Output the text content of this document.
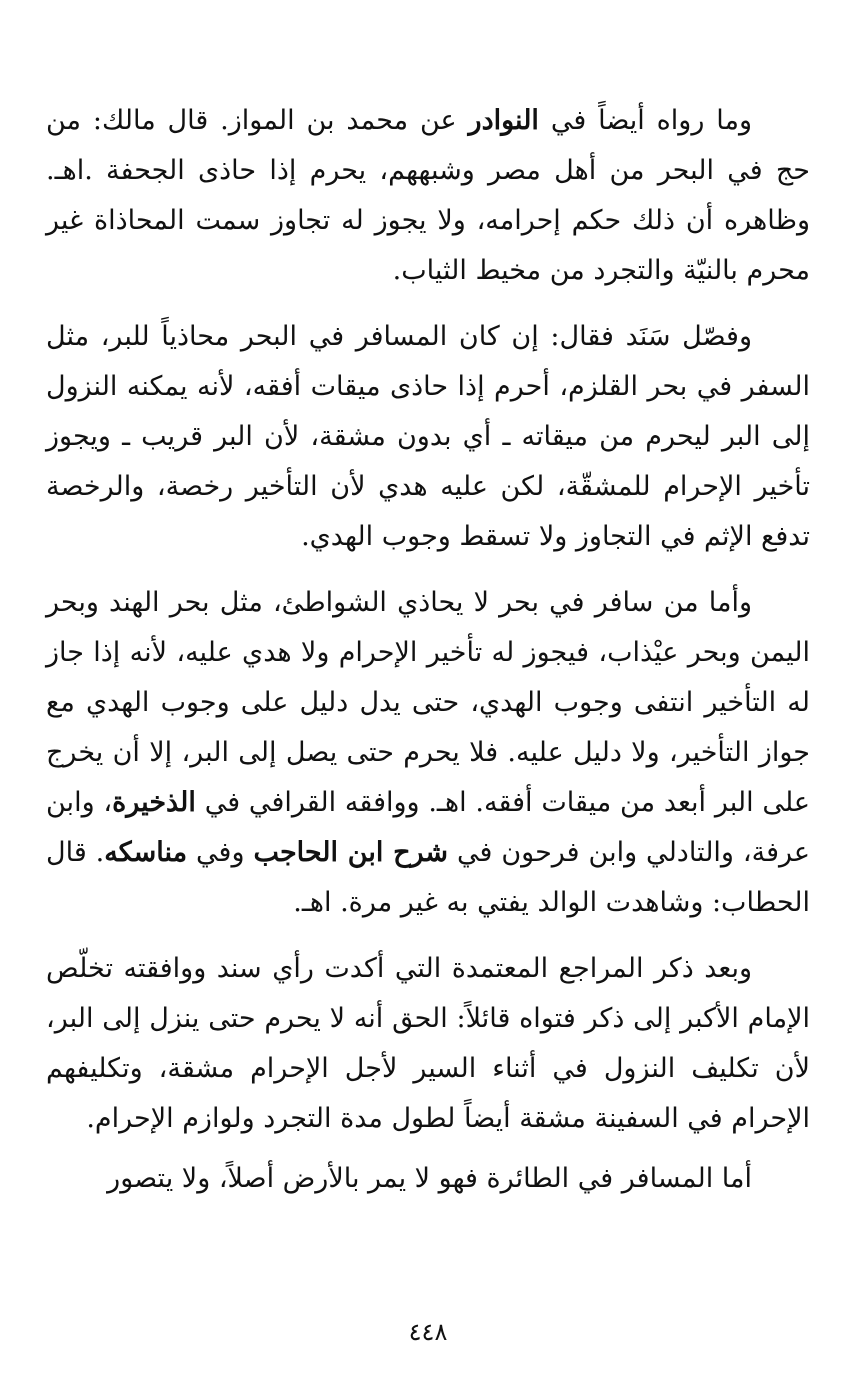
وما رواه أيضاً في النوادر عن محمد بن المواز. قال مالك: من حج في البحر من أهل مصر وشبههم، يحرم إذا حاذى الجحفة .اهـ. وظاهره أن ذلك حكم إحرامه، ولا يجوز له تجاوز سمت المحاذاة غير محرم بالنيّة والتجرد من مخيط الثياب.

وفصّل سَنَد فقال: إن كان المسافر في البحر محاذياً للبر، مثل السفر في بحر القلزم، أحرم إذا حاذى ميقات أفقه، لأنه يمكنه النزول إلى البر ليحرم من ميقاته ـ أي بدون مشقة، لأن البر قريب ـ ويجوز تأخير الإحرام للمشقّة، لكن عليه هدي لأن التأخير رخصة، والرخصة تدفع الإثم في التجاوز ولا تسقط وجوب الهدي.

وأما من سافر في بحر لا يحاذي الشواطئ، مثل بحر الهند وبحر اليمن وبحر عيْذاب، فيجوز له تأخير الإحرام ولا هدي عليه، لأنه إذا جاز له التأخير انتفى وجوب الهدي، حتى يدل دليل على وجوب الهدي مع جواز التأخير، ولا دليل عليه. فلا يحرم حتى يصل إلى البر، إلا أن يخرج على البر أبعد من ميقات أفقه. اهـ. ووافقه القرافي في الذخيرة، وابن عرفة، والتادلي وابن فرحون في شرح ابن الحاجب وفي مناسكه. قال الحطاب: وشاهدت الوالد يفتي به غير مرة. اهـ.

وبعد ذكر المراجع المعتمدة التي أكدت رأي سند ووافقته تخلّص الإمام الأكبر إلى ذكر فتواه قائلاً: الحق أنه لا يحرم حتى ينزل إلى البر، لأن تكليف النزول في أثناء السير لأجل الإحرام مشقة، وتكليفهم الإحرام في السفينة مشقة أيضاً لطول مدة التجرد ولوازم الإحرام.

أما المسافر في الطائرة فهو لا يمر بالأرض أصلاً، ولا يتصور

٤٤٨
